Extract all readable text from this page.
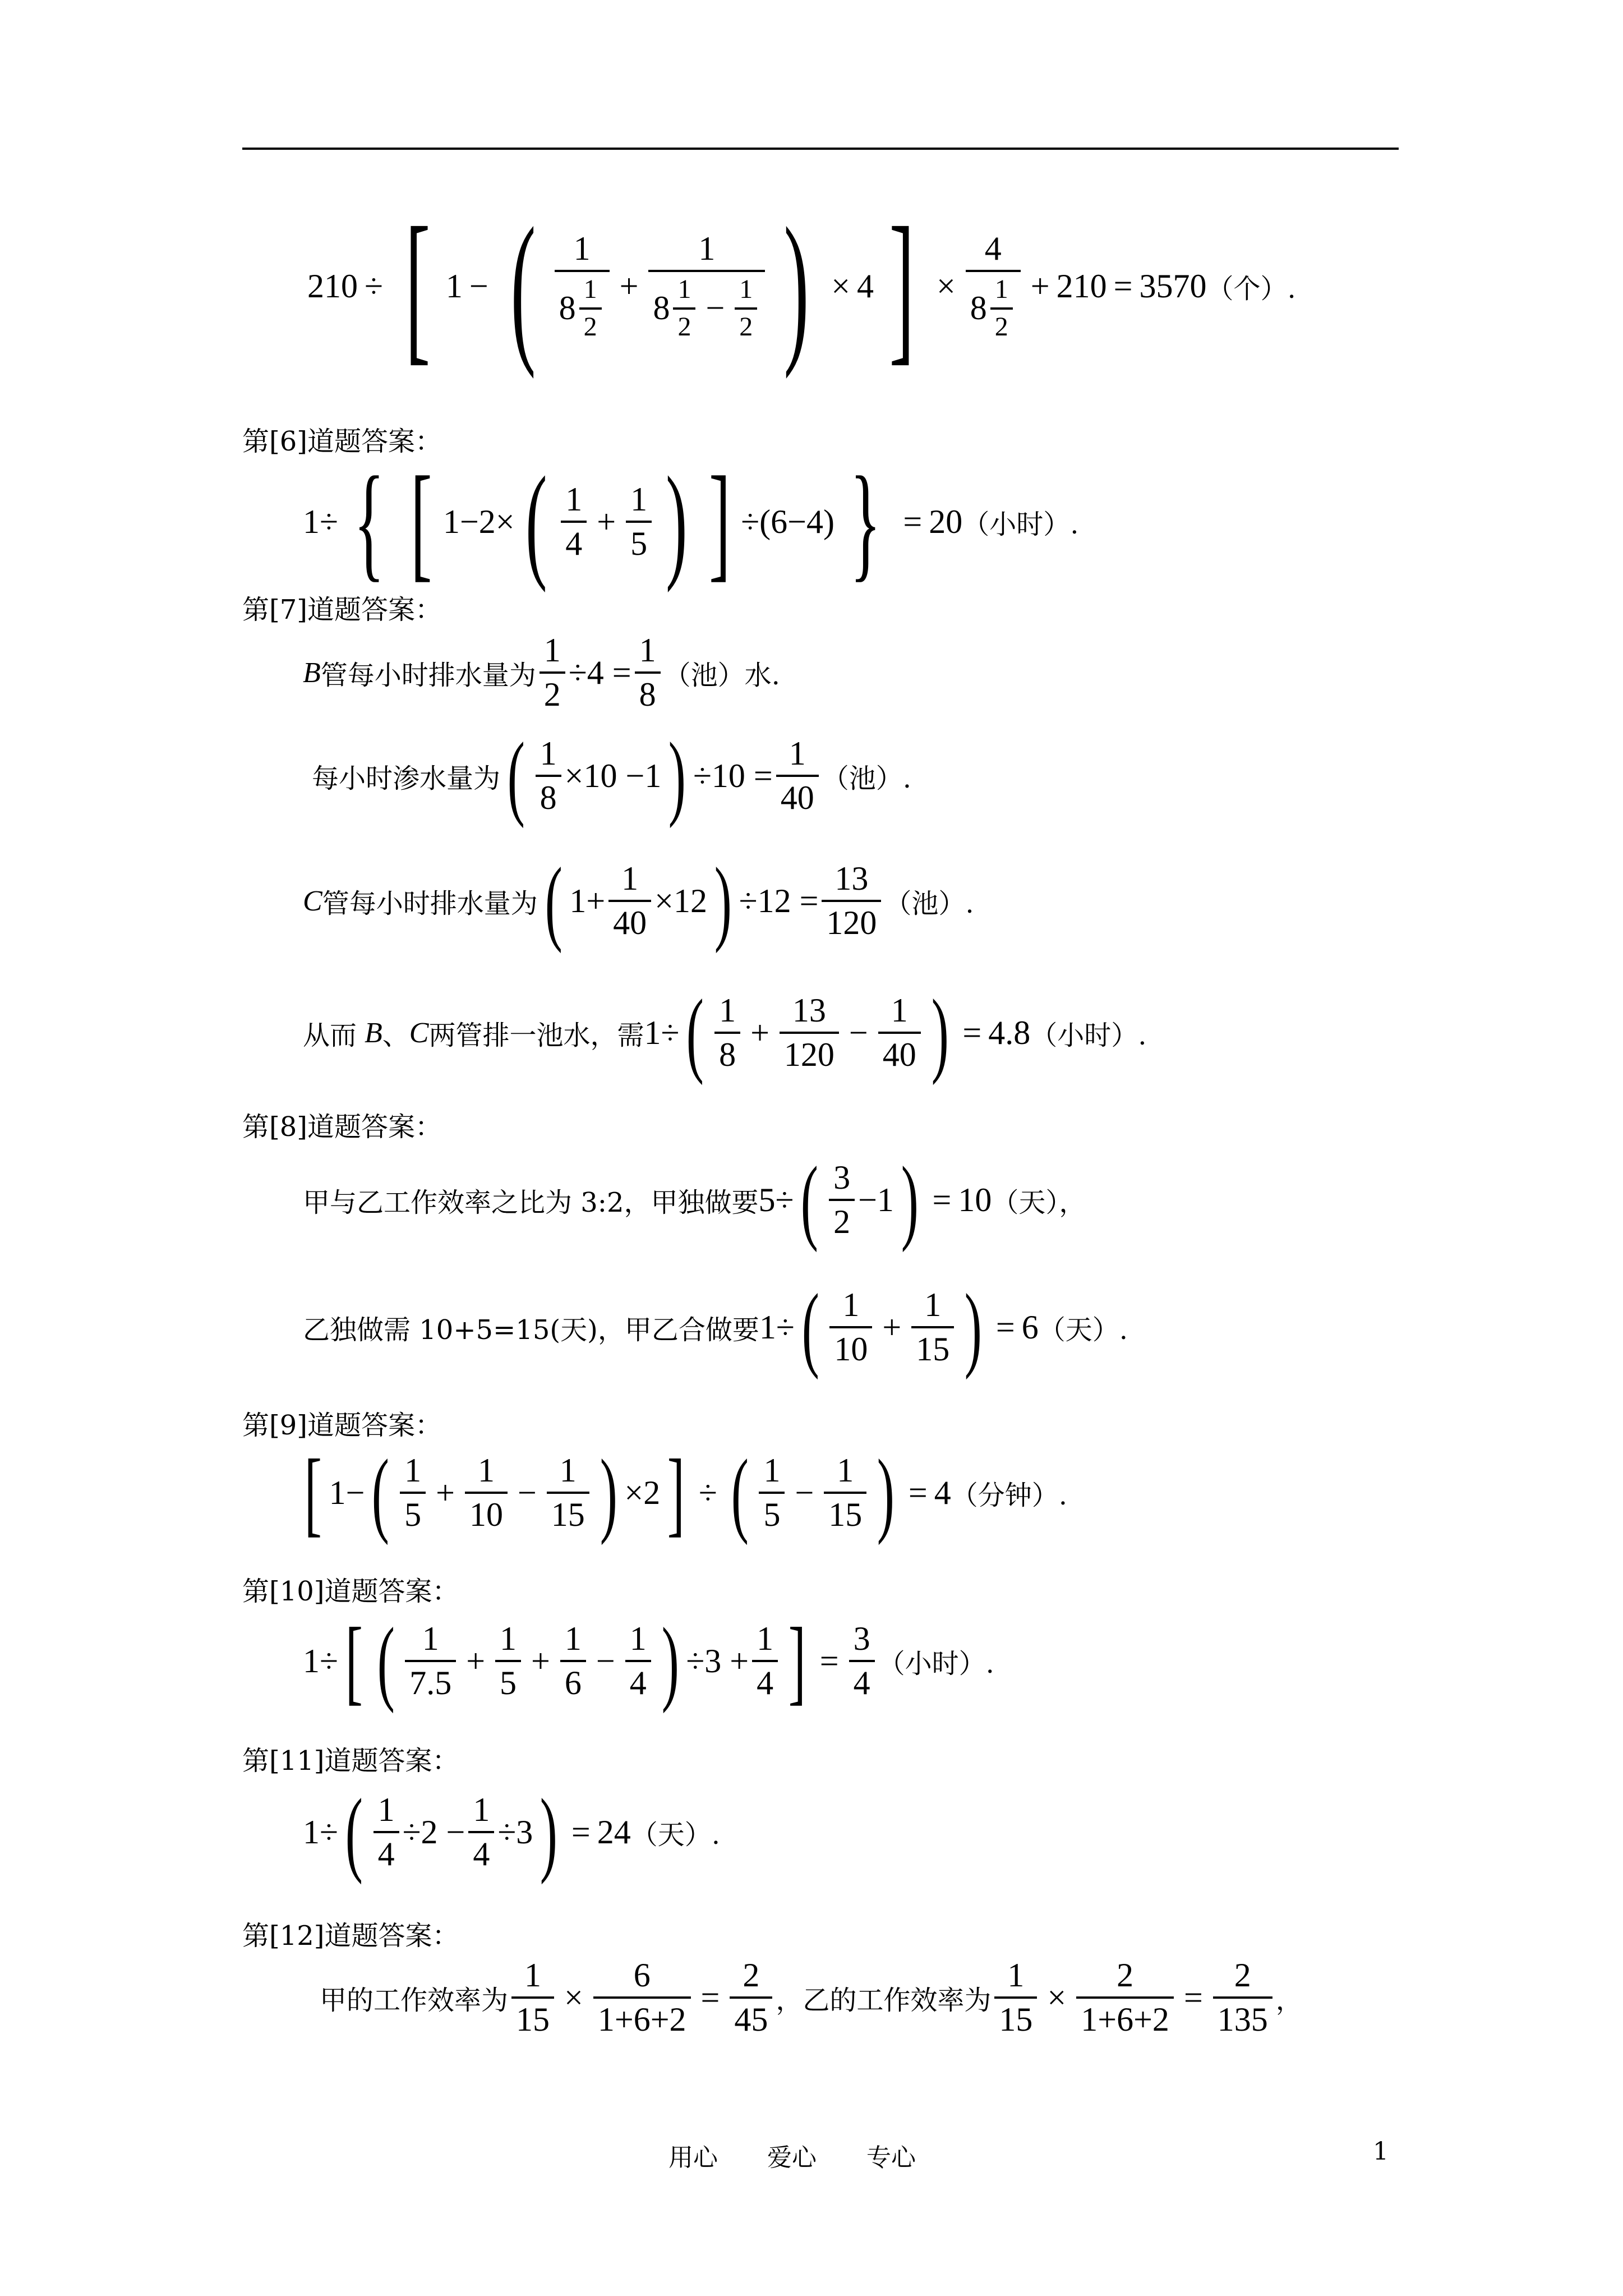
210 ÷ [ 1 − ( $\frac{1}{8 \frac{1}{2}} + \frac{1}{8 \frac{1}{2} - \frac{1}{2}}$ ) × 4 ] × $\frac{4}{8 \frac{1}{2}} + 210 = 3570$ （个）.
第[6]道题答案：
1÷ { [ 1−2× ( $\frac{1}{4} + \frac{1}{5}$ ) ] ÷(6−4) } = 20 （小时）.
第[7]道题答案：
B 管每小时排水量为 $\frac{1}{2} \div 4 = \frac{1}{8}$ （池）水.
每小时渗水量为 ( $\frac{1}{8} \times 10 -1$ ) $\div 10 = \frac{1}{40}$ （池）.
C 管每小时排水量为 ( $1+ \frac{1}{40} \times 12$ ) $\div 12 = \frac{13}{120}$ （池）.
从而 B 、 C 两管排一池水，需 1÷ ( $\frac{1}{8} + \frac{13}{120} - \frac{1}{40}$ ) = 4.8 （小时）.
第[8]道题答案：
甲与乙工作效率之比为 3:2，甲独做要 5÷ ( $\frac{3}{2} -1$ ) = 10 （天），
乙独做需 10+5=15(天)，甲乙合做要 1÷ ( $\frac{1}{10} + \frac{1}{15}$ ) = 6 （天）.
第[9]道题答案：
[ 1− ( $\frac{1}{5} + \frac{1}{10} - \frac{1}{15}$ ) ×2 ] ÷ ( $\frac{1}{5} - \frac{1}{15}$ ) = 4 （分钟）.
第[10]道题答案：
1÷ [ ( $\frac{1}{7.5} + \frac{1}{5} + \frac{1}{6} - \frac{1}{4}$ ) $\div 3 + \frac{1}{4}$ ] = $\frac{3}{4}$ （小时）.
第[11]道题答案：
1÷ ( $\frac{1}{4} \div 2 - \frac{1}{4} \div 3$ ) = 24 （天）.
第[12]道题答案：
甲的工作效率为 $\frac{1}{15} \times \frac{6}{1+6+2} = \frac{2}{45}$ ，乙的工作效率为 $\frac{1}{15} \times \frac{2}{1+6+2} = \frac{2}{135}$ ，
用心 爱心 专心	1
